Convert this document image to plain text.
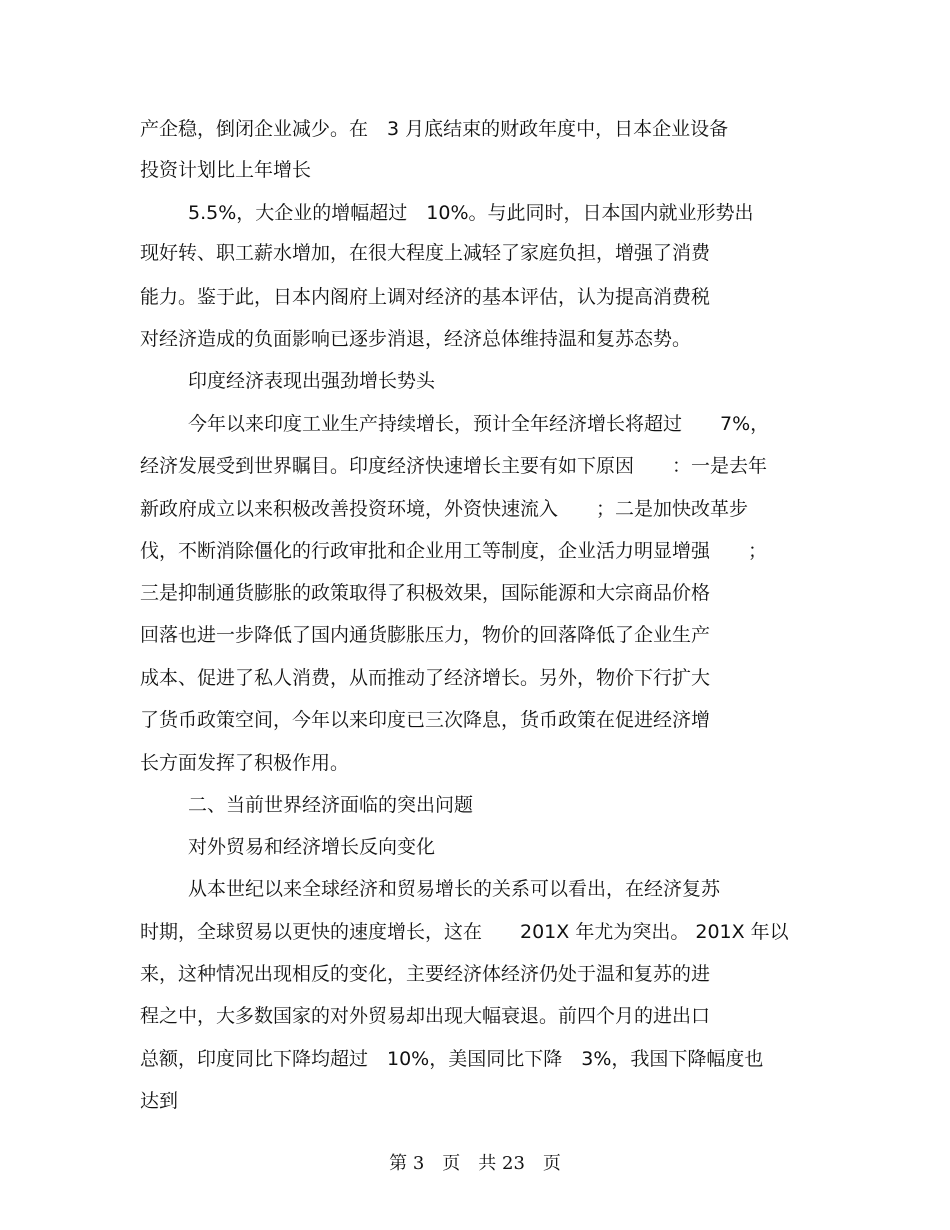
产企稳，倒闭企业减少。在　3 月底结束的财政年度中，日本企业设备
投资计划比上年增长
5.5%，大企业的增幅超过　10%。与此同时，日本国内就业形势出
现好转、职工薪水增加，在很大程度上减轻了家庭负担，增强了消费
能力。鉴于此，日本内阁府上调对经济的基本评估，认为提高消费税
对经济造成的负面影响已逐步消退，经济总体维持温和复苏态势。
印度经济表现出强劲增长势头
今年以来印度工业生产持续增长，预计全年经济增长将超过　　7%，
经济发展受到世界瞩目。印度经济快速增长主要有如下原因　　：一是去年
新政府成立以来积极改善投资环境，外资快速流入　　；二是加快改革步
伐，不断消除僵化的行政审批和企业用工等制度，企业活力明显增强　　；
三是抑制通货膨胀的政策取得了积极效果，国际能源和大宗商品价格
回落也进一步降低了国内通货膨胀压力，物价的回落降低了企业生产
成本、促进了私人消费，从而推动了经济增长。另外，物价下行扩大
了货币政策空间，今年以来印度已三次降息，货币政策在促进经济增
长方面发挥了积极作用。
二、当前世界经济面临的突出问题
对外贸易和经济增长反向变化
从本世纪以来全球经济和贸易增长的关系可以看出，在经济复苏
时期，全球贸易以更快的速度增长，这在　　201X 年尤为突出。 201X 年以
来，这种情况出现相反的变化，主要经济体经济仍处于温和复苏的进
程之中，大多数国家的对外贸易却出现大幅衰退。前四个月的进出口
总额，印度同比下降均超过　10%，美国同比下降　3%，我国下降幅度也
达到
第 3　页　共 23　页
